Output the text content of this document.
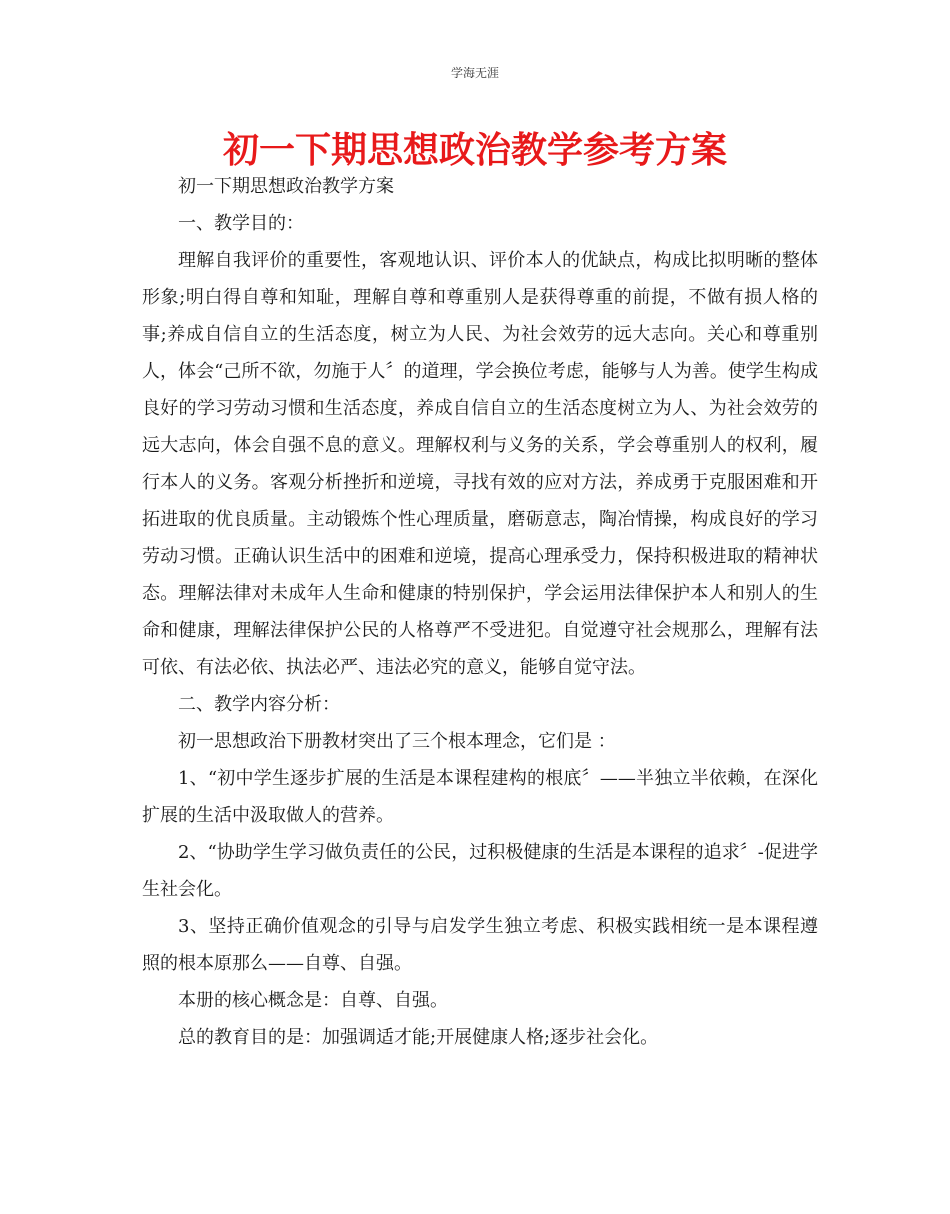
学海无涯
初一下期思想政治教学参考方案

初一下期思想政治教学方案

一、教学目的：

理解自我评价的重要性，客观地认识、评价本人的优缺点，构成比拟明晰的整体形象;明白得自尊和知耻，理解自尊和尊重别人是获得尊重的前提，不做有损人格的事;养成自信自立的生活态度，树立为人民、为社会效劳的远大志向。关心和尊重别人，体会“己所不欲，勿施于人〞的道理，学会换位考虑，能够与人为善。使学生构成良好的学习劳动习惯和生活态度，养成自信自立的生活态度树立为人、为社会效劳的远大志向，体会自强不息的意义。理解权利与义务的关系，学会尊重别人的权利，履行本人的义务。客观分析挫折和逆境，寻找有效的应对方法，养成勇于克服困难和开拓进取的优良质量。主动锻炼个性心理质量，磨砺意志，陶冶情操，构成良好的学习劳动习惯。正确认识生活中的困难和逆境，提高心理承受力，保持积极进取的精神状态。理解法律对未成年人生命和健康的特别保护，学会运用法律保护本人和别人的生命和健康，理解法律保护公民的人格尊严不受进犯。自觉遵守社会规那么，理解有法可依、有法必依、执法必严、违法必究的意义，能够自觉守法。

二、教学内容分析：

初一思想政治下册教材突出了三个根本理念，它们是 ：

1、“初中学生逐步扩展的生活是本课程建构的根底〞——半独立半依赖，在深化扩展的生活中汲取做人的营养。

2、“协助学生学习做负责任的公民，过积极健康的生活是本课程的追求〞-促进学生社会化。

3、坚持正确价值观念的引导与启发学生独立考虑、积极实践相统一是本课程遵照的根本原那么——自尊、自强。

本册的核心概念是：自尊、自强。

总的教育目的是：加强调适才能;开展健康人格;逐步社会化。
